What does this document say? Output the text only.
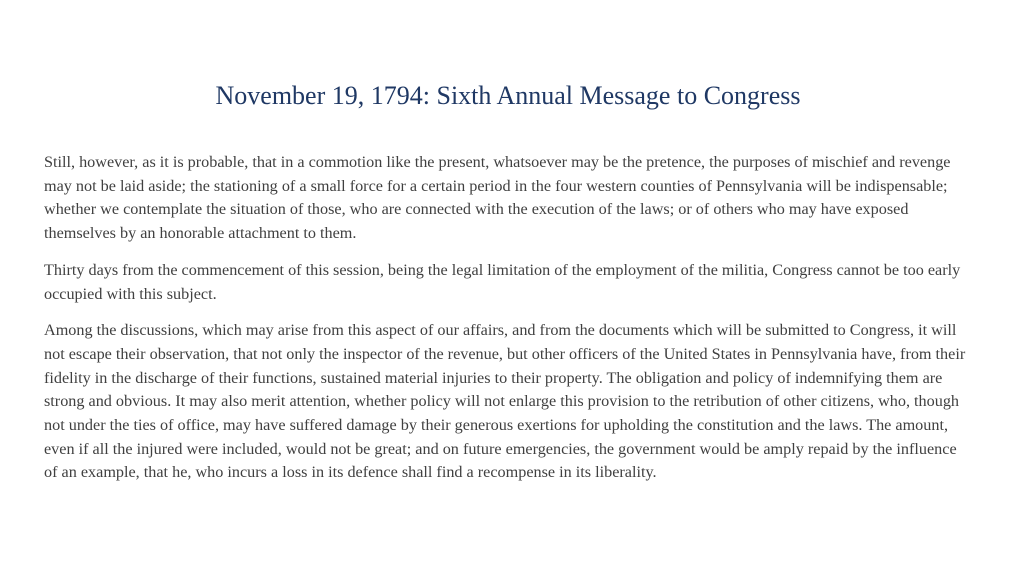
November 19, 1794: Sixth Annual Message to Congress

Still, however, as it is probable, that in a commotion like the present, whatsoever may be the pretence, the purposes of mischief and revenge may not be laid aside; the stationing of a small force for a certain period in the four western counties of Pennsylvania will be indispensable; whether we contemplate the situation of those, who are connected with the execution of the laws; or of others who may have exposed themselves by an honorable attachment to them.

Thirty days from the commencement of this session, being the legal limitation of the employment of the militia, Congress cannot be too early occupied with this subject.

Among the discussions, which may arise from this aspect of our affairs, and from the documents which will be submitted to Congress, it will not escape their observation, that not only the inspector of the revenue, but other officers of the United States in Pennsylvania have, from their fidelity in the discharge of their functions, sustained material injuries to their property. The obligation and policy of indemnifying them are strong and obvious. It may also merit attention, whether policy will not enlarge this provision to the retribution of other citizens, who, though not under the ties of office, may have suffered damage by their generous exertions for upholding the constitution and the laws. The amount, even if all the injured were included, would not be great; and on future emergencies, the government would be amply repaid by the influence of an example, that he, who incurs a loss in its defence shall find a recompense in its liberality.
